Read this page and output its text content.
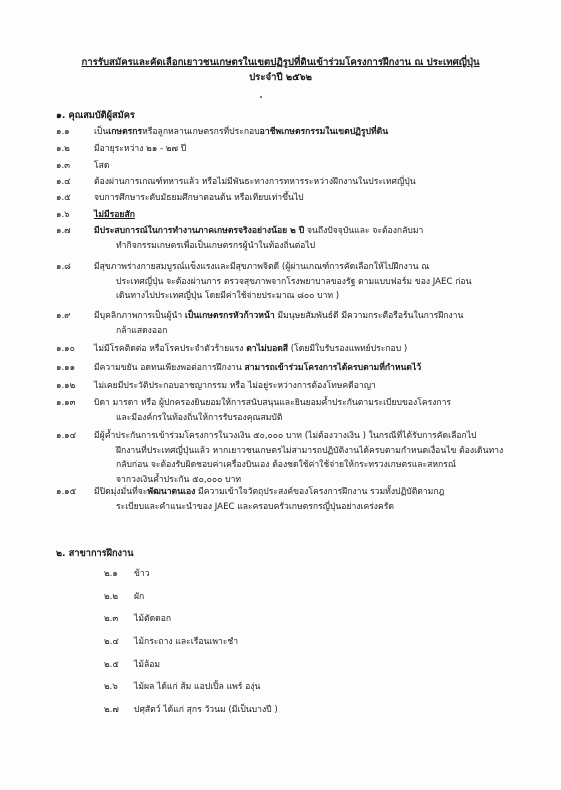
การรับสมัครและคัดเลือกเยาวชนเกษตรในเขตปฏิรูปที่ดินเข้าร่วมโครงการฝึกงาน ณ ประเทศญี่ปุ่น
ประจำปี ๒๕๖๒
๑. คุณสมบัติผู้สมัคร
๑.๑	เป็นเกษตรกรหรือลูกหลานเกษตรกรที่ประกอบอาชีพเกษตรกรรมในเขตปฏิรูปที่ดิน
๑.๒	มีอายุระหว่าง ๒๑ - ๒๗ ปี
๑.๓	โสด
๑.๔	ต้องผ่านการเกณฑ์ทหารแล้ว หรือไม่มีพันธะทางการทหารระหว่างฝึกงานในประเทศญี่ปุ่น
๑.๕	จบการศึกษาระดับมัธยมศึกษาตอนต้น หรือเทียบเท่าขึ้นไป
๑.๖	ไม่มีรอยสัก
๑.๗	มีประสบการณ์ในการทำงานภาคเกษตรจริงอย่างน้อย ๒ ปี จนถึงปัจจุบันและ จะต้องกลับมา
ทำกิจกรรมเกษตรเพื่อเป็นเกษตรกรผู้นำในท้องถิ่นต่อไป
๑.๘	มีสุขภาพร่างกายสมบูรณ์แข็งแรงและมีสุขภาพจิตดี (ผู้ผ่านเกณฑ์การคัดเลือกให้ไปฝึกงาน ณ
ประเทศญี่ปุ่น จะต้องผ่านการ ตรวจสุขภาพจากโรงพยาบาลของรัฐ ตามแบบฟอร์ม ของ JAEC ก่อน
เดินทางไปประเทศญี่ปุ่น โดยมีค่าใช้จ่ายประมาณ ๘๐๐ บาท )
๑.๙	มีบุคลิกภาพการเป็นผู้นำ เป็นเกษตรกรหัวก้าวหน้า มีมนุษยสัมพันธ์ดี มีความกระตือรือร้นในการฝึกงาน
กล้าแสดงออก
๑.๑๐ ไม่มีโรคติดต่อ หรือโรคประจำตัวร้ายแรง ตาไม่บอดสี (โดยมีใบรับรองแพทย์ประกอบ )
๑.๑๑ มีความขยัน อดทนเพียงพอต่อการฝึกงาน สามารถเข้าร่วมโครงการได้ครบตามที่กำหนดไว้
๑.๑๒ ไม่เคยมีประวัติประกอบอาชญากรรม หรือ ไม่อยู่ระหว่างการต้องโทษคดีอาญา
๑.๑๓ บิดา มารดา หรือ ผู้ปกครองยินยอมให้การสนับสนุนและยินยอมค้ำประกันตามระเบียบของโครงการ
และมีองค์กรในท้องถิ่นให้การรับรองคุณสมบัติ
๑.๑๔ มีผู้ค้ำประกันการเข้าร่วมโครงการในวงเงิน ๕๐,๐๐๐ บาท (ไม่ต้องวางเงิน ) ในกรณีที่ได้รับการคัดเลือกไป
ฝึกงานที่ประเทศญี่ปุ่นแล้ว หากเยาวชนเกษตรไม่สามารถปฏิบัติงานได้ครบตามกำหนดเงื่อนไข ต้องเดินทาง
กลับก่อน จะต้องรับผิดชอบค่าเครื่องบินเอง ต้องชดใช้ค่าใช้จ่ายให้กระทรวงเกษตรและสหกรณ์
จากวงเงินค้ำประกัน ๕๐,๐๐๐ บาท
๑.๑๕ มีปิดมุ่งมั่นที่จะพัฒนาตนเอง มีความเข้าใจวัตถุประสงค์ของโครงการฝึกงาน รวมทั้งปฏิบัติตามกฎ
ระเบียบและคำแนะนำของ JAEC และครอบครัวเกษตรกรญี่ปุ่นอย่างเคร่งครัด
๒. สาขาการฝึกงาน
๒.๑ ข้าว
๒.๒ ผัก
๒.๓ ไม้ตัดดอก
๒.๔ ไม้กระถาง และเรือนเพาะชำ
๒.๕ ไม้ล้อม
๒.๖ ไม้ผล ได้แก่ ส้ม แอปเปิ้ล แพร์ องุ่น
๒.๗ ปศุสัตว์ ได้แก่ สุกร วัวนม (มีเป็นบางปี )
